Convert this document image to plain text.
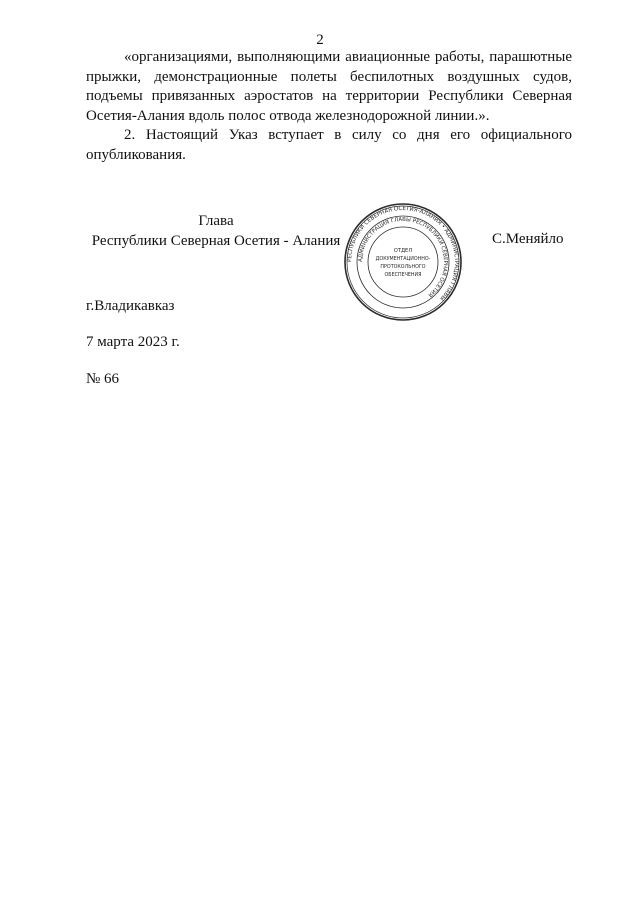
2

«организациями, выполняющими авиационные работы, парашютные прыжки, демонстрационные полеты беспилотных воздушных судов, подъемы привязанных аэростатов на территории Республики Северная Осетия-Алания вдоль полос отвода железнодорожной линии.».

2. Настоящий Указ вступает в силу со дня его официального опубликования.

Глава
Республики Северная Осетия - Алания
РЕСПУБЛИКИ СЕВЕРНАЯ ОСЕТИЯ-АЛАНИЯ • АДМИНИСТРАЦИЯ ГЛАВЫ
АДМИНИСТРАЦИЯ ГЛАВЫ РЕСПУБЛИКИ СЕВЕРНАЯ ОСЕТИЯ
ОТДЕЛ
ДОКУМЕНТАЦИОННО-
ПРОТОКОЛЬНОГО
ОБЕСПЕЧЕНИЯ
С.Меняйло
г.Владикавказ
7 марта 2023 г.
№ 66
